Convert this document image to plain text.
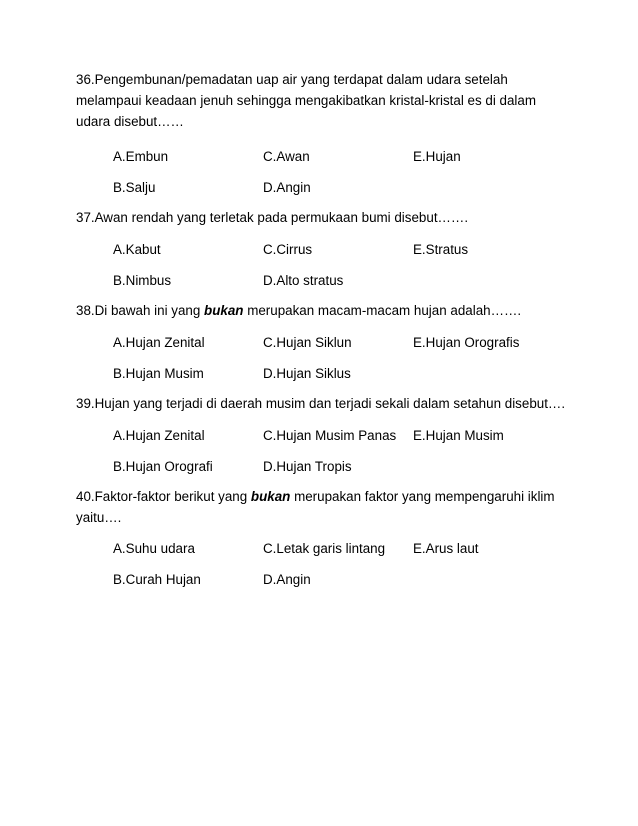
36.Pengembunan/pemadatan uap air yang terdapat dalam udara setelah
melampaui keadaan jenuh sehingga mengakibatkan kristal-kristal es di dalam
udara disebut……
A.Embun	C.Awan	E.Hujan
B.Salju	D.Angin
37.Awan rendah yang terletak pada permukaan bumi disebut…….
A.Kabut	C.Cirrus	E.Stratus
B.Nimbus	D.Alto stratus
38.Di bawah ini yang bukan merupakan macam-macam hujan adalah…….
A.Hujan Zenital	C.Hujan Siklun	E.Hujan Orografis
B.Hujan Musim	D.Hujan Siklus
39.Hujan yang terjadi di daerah musim dan terjadi sekali dalam setahun disebut….
A.Hujan Zenital	C.Hujan Musim Panas E.Hujan Musim
B.Hujan Orografi	D.Hujan Tropis
40.Faktor-faktor berikut yang bukan merupakan faktor yang mempengaruhi iklim
yaitu….
A.Suhu udara	C.Letak garis lintang E.Arus laut
B.Curah Hujan	D.Angin
